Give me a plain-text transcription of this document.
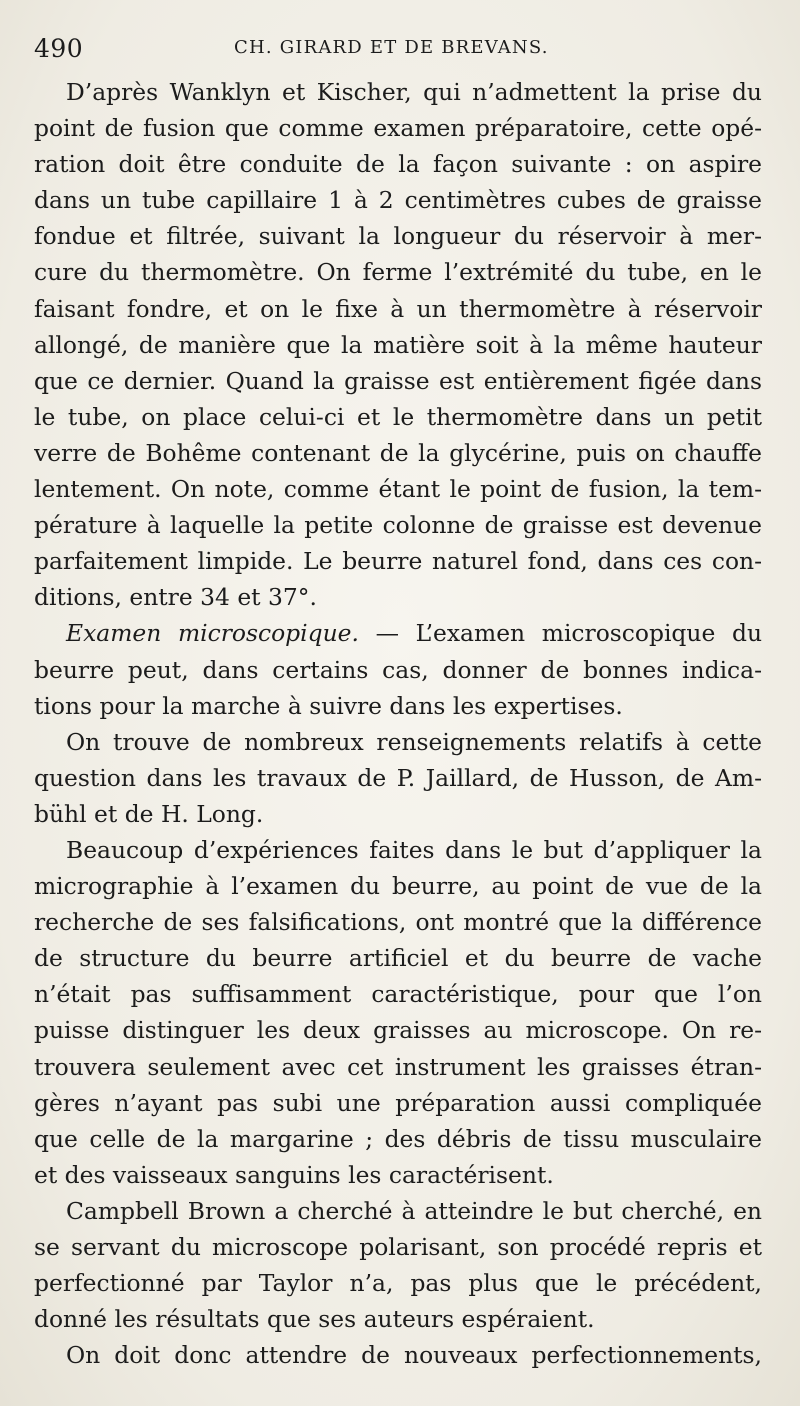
490	CH. GIRARD ET DE BREVANS.
D’après Wanklyn et Kischer, qui n’admettent la prise du
point de fusion que comme examen préparatoire, cette opé-
ration doit être conduite de la façon suivante : on aspire
dans un tube capillaire 1 à 2 centimètres cubes de graisse
fondue et filtrée, suivant la longueur du réservoir à mer-
cure du thermomètre. On ferme l’extrémité du tube, en le
faisant fondre, et on le fixe à un thermomètre à réservoir
allongé, de manière que la matière soit à la même hauteur
que ce dernier. Quand la graisse est entièrement figée dans
le tube, on place celui-ci et le thermomètre dans un petit
verre de Bohême contenant de la glycérine, puis on chauffe
lentement. On note, comme étant le point de fusion, la tem-
pérature à laquelle la petite colonne de graisse est devenue
parfaitement limpide. Le beurre naturel fond, dans ces con-
ditions, entre 34 et 37°.
Examen microscopique. — L’examen microscopique du
beurre peut, dans certains cas, donner de bonnes indica-
tions pour la marche à suivre dans les expertises.
On trouve de nombreux renseignements relatifs à cette
question dans les travaux de P. Jaillard, de Husson, de Am-
bühl et de H. Long.
Beaucoup d’expériences faites dans le but d’appliquer la
micrographie à l’examen du beurre, au point de vue de la
recherche de ses falsifications, ont montré que la différence
de structure du beurre artificiel et du beurre de vache
n’était pas suffisamment caractéristique, pour que l’on
puisse distinguer les deux graisses au microscope. On re-
trouvera seulement avec cet instrument les graisses étran-
gères n’ayant pas subi une préparation aussi compliquée
que celle de la margarine ; des débris de tissu musculaire
et des vaisseaux sanguins les caractérisent.
Campbell Brown a cherché à atteindre le but cherché, en
se servant du microscope polarisant, son procédé repris et
perfectionné par Taylor n’a, pas plus que le précédent,
donné les résultats que ses auteurs espéraient.
On doit donc attendre de nouveaux perfectionnements,
